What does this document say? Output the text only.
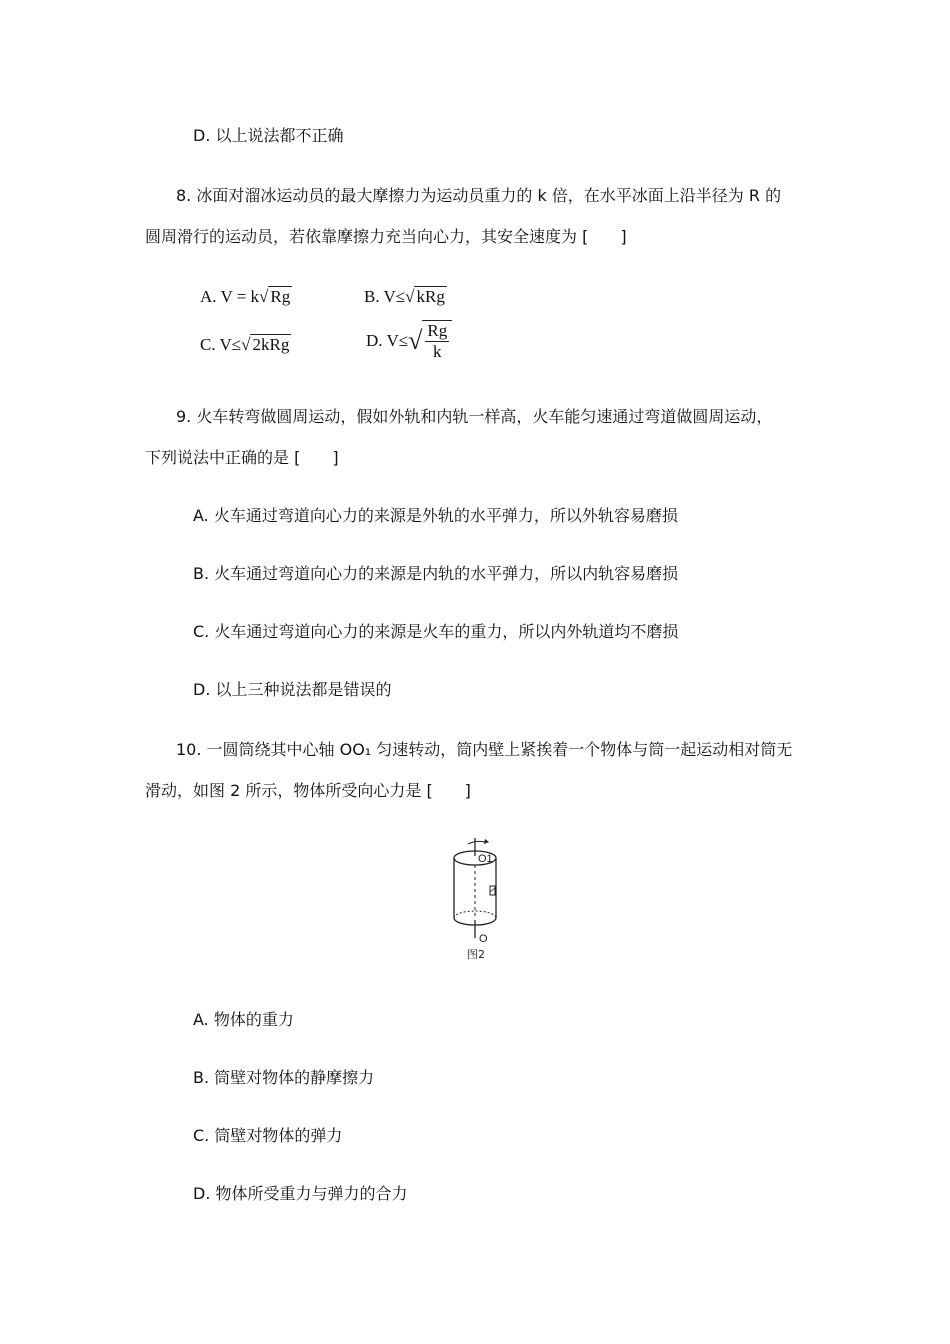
D. 以上说法都不正确
8. 冰面对溜冰运动员的最大摩擦力为运动员重力的 k 倍，在水平冰面上沿半径为 R 的
圆周滑行的运动员，若依靠摩擦力充当向心力，其安全速度为 [　　]
A. V = k√ Rg	B. V≤√ kRg
C. V≤√ 2kRg	D. $V\le√ \frac{Rg}{k}$
9. 火车转弯做圆周运动，假如外轨和内轨一样高，火车能匀速通过弯道做圆周运动，
下列说法中正确的是 [　　]
A. 火车通过弯道向心力的来源是外轨的水平弹力，所以外轨容易磨损
B. 火车通过弯道向心力的来源是内轨的水平弹力，所以内轨容易磨损
C. 火车通过弯道向心力的来源是火车的重力，所以内外轨道均不磨损
D. 以上三种说法都是错误的
10. 一圆筒绕其中心轴 OO₁ 匀速转动，筒内壁上紧挨着一个物体与筒一起运动相对筒无
滑动，如图 2 所示，物体所受向心力是 [　　]
O1
O
图2
A. 物体的重力
B. 筒壁对物体的静摩擦力
C. 筒壁对物体的弹力
D. 物体所受重力与弹力的合力
